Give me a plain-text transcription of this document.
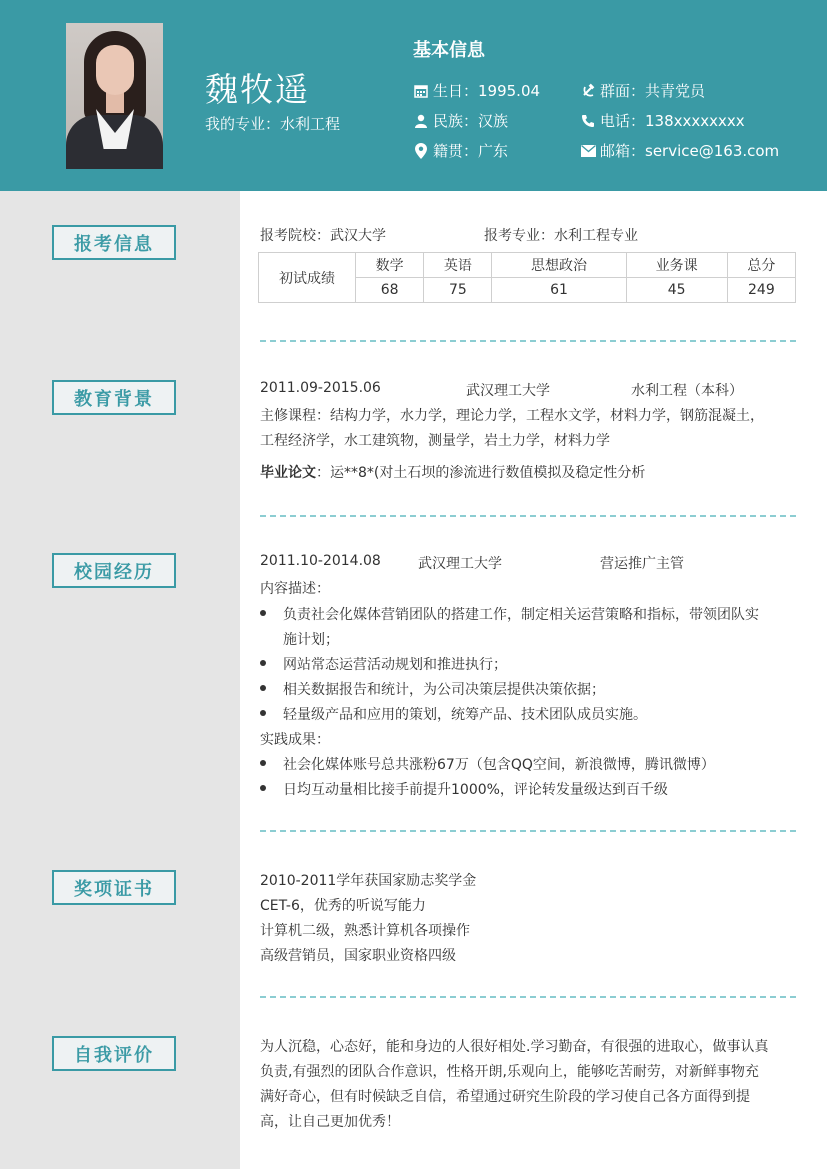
魏牧遥
我的专业：水利工程
基本信息
生日：1995.04	群面：共青党员
民族：汉族	电话：138xxxxxxxx
籍贯：广东	邮箱：service@163.com
报考信息
教育背景
校园经历
奖项证书
自我评价
报考院校：武汉大学	报考专业：水利工程专业
初试成绩	数学	英语	思想政治	业务课	总分
	68	75	61	45	249
2011.09-2015.06	武汉理工大学	水利工程（本科）
主修课程：结构力学，水力学，理论力学，工程水文学，材料力学，钢筋混凝土，
工程经济学，水工建筑物，测量学，岩土力学，材料力学
毕业论文：运**8*(对土石坝的渗流进行数值模拟及稳定性分析
2011.10-2014.08	武汉理工大学	营运推广主管
内容描述：
负责社会化媒体营销团队的搭建工作，制定相关运营策略和指标，带领团队实
施计划；
网站常态运营活动规划和推进执行；
相关数据报告和统计，为公司决策层提供决策依据；
轻量级产品和应用的策划，统筹产品、技术团队成员实施。
实践成果：
社会化媒体账号总共涨粉67万（包含QQ空间，新浪微博，腾讯微博）
日均互动量相比接手前提升1000%，评论转发量级达到百千级
2010-2011学年获国家励志奖学金
CET-6，优秀的听说写能力
计算机二级，熟悉计算机各项操作
高级营销员，国家职业资格四级
为人沉稳，心态好，能和身边的人很好相处.学习勤奋，有很强的进取心，做事认真
负责,有强烈的团队合作意识，性格开朗,乐观向上，能够吃苦耐劳，对新鲜事物充
满好奇心，但有时候缺乏自信，希望通过研究生阶段的学习使自己各方面得到提
高，让自己更加优秀！
